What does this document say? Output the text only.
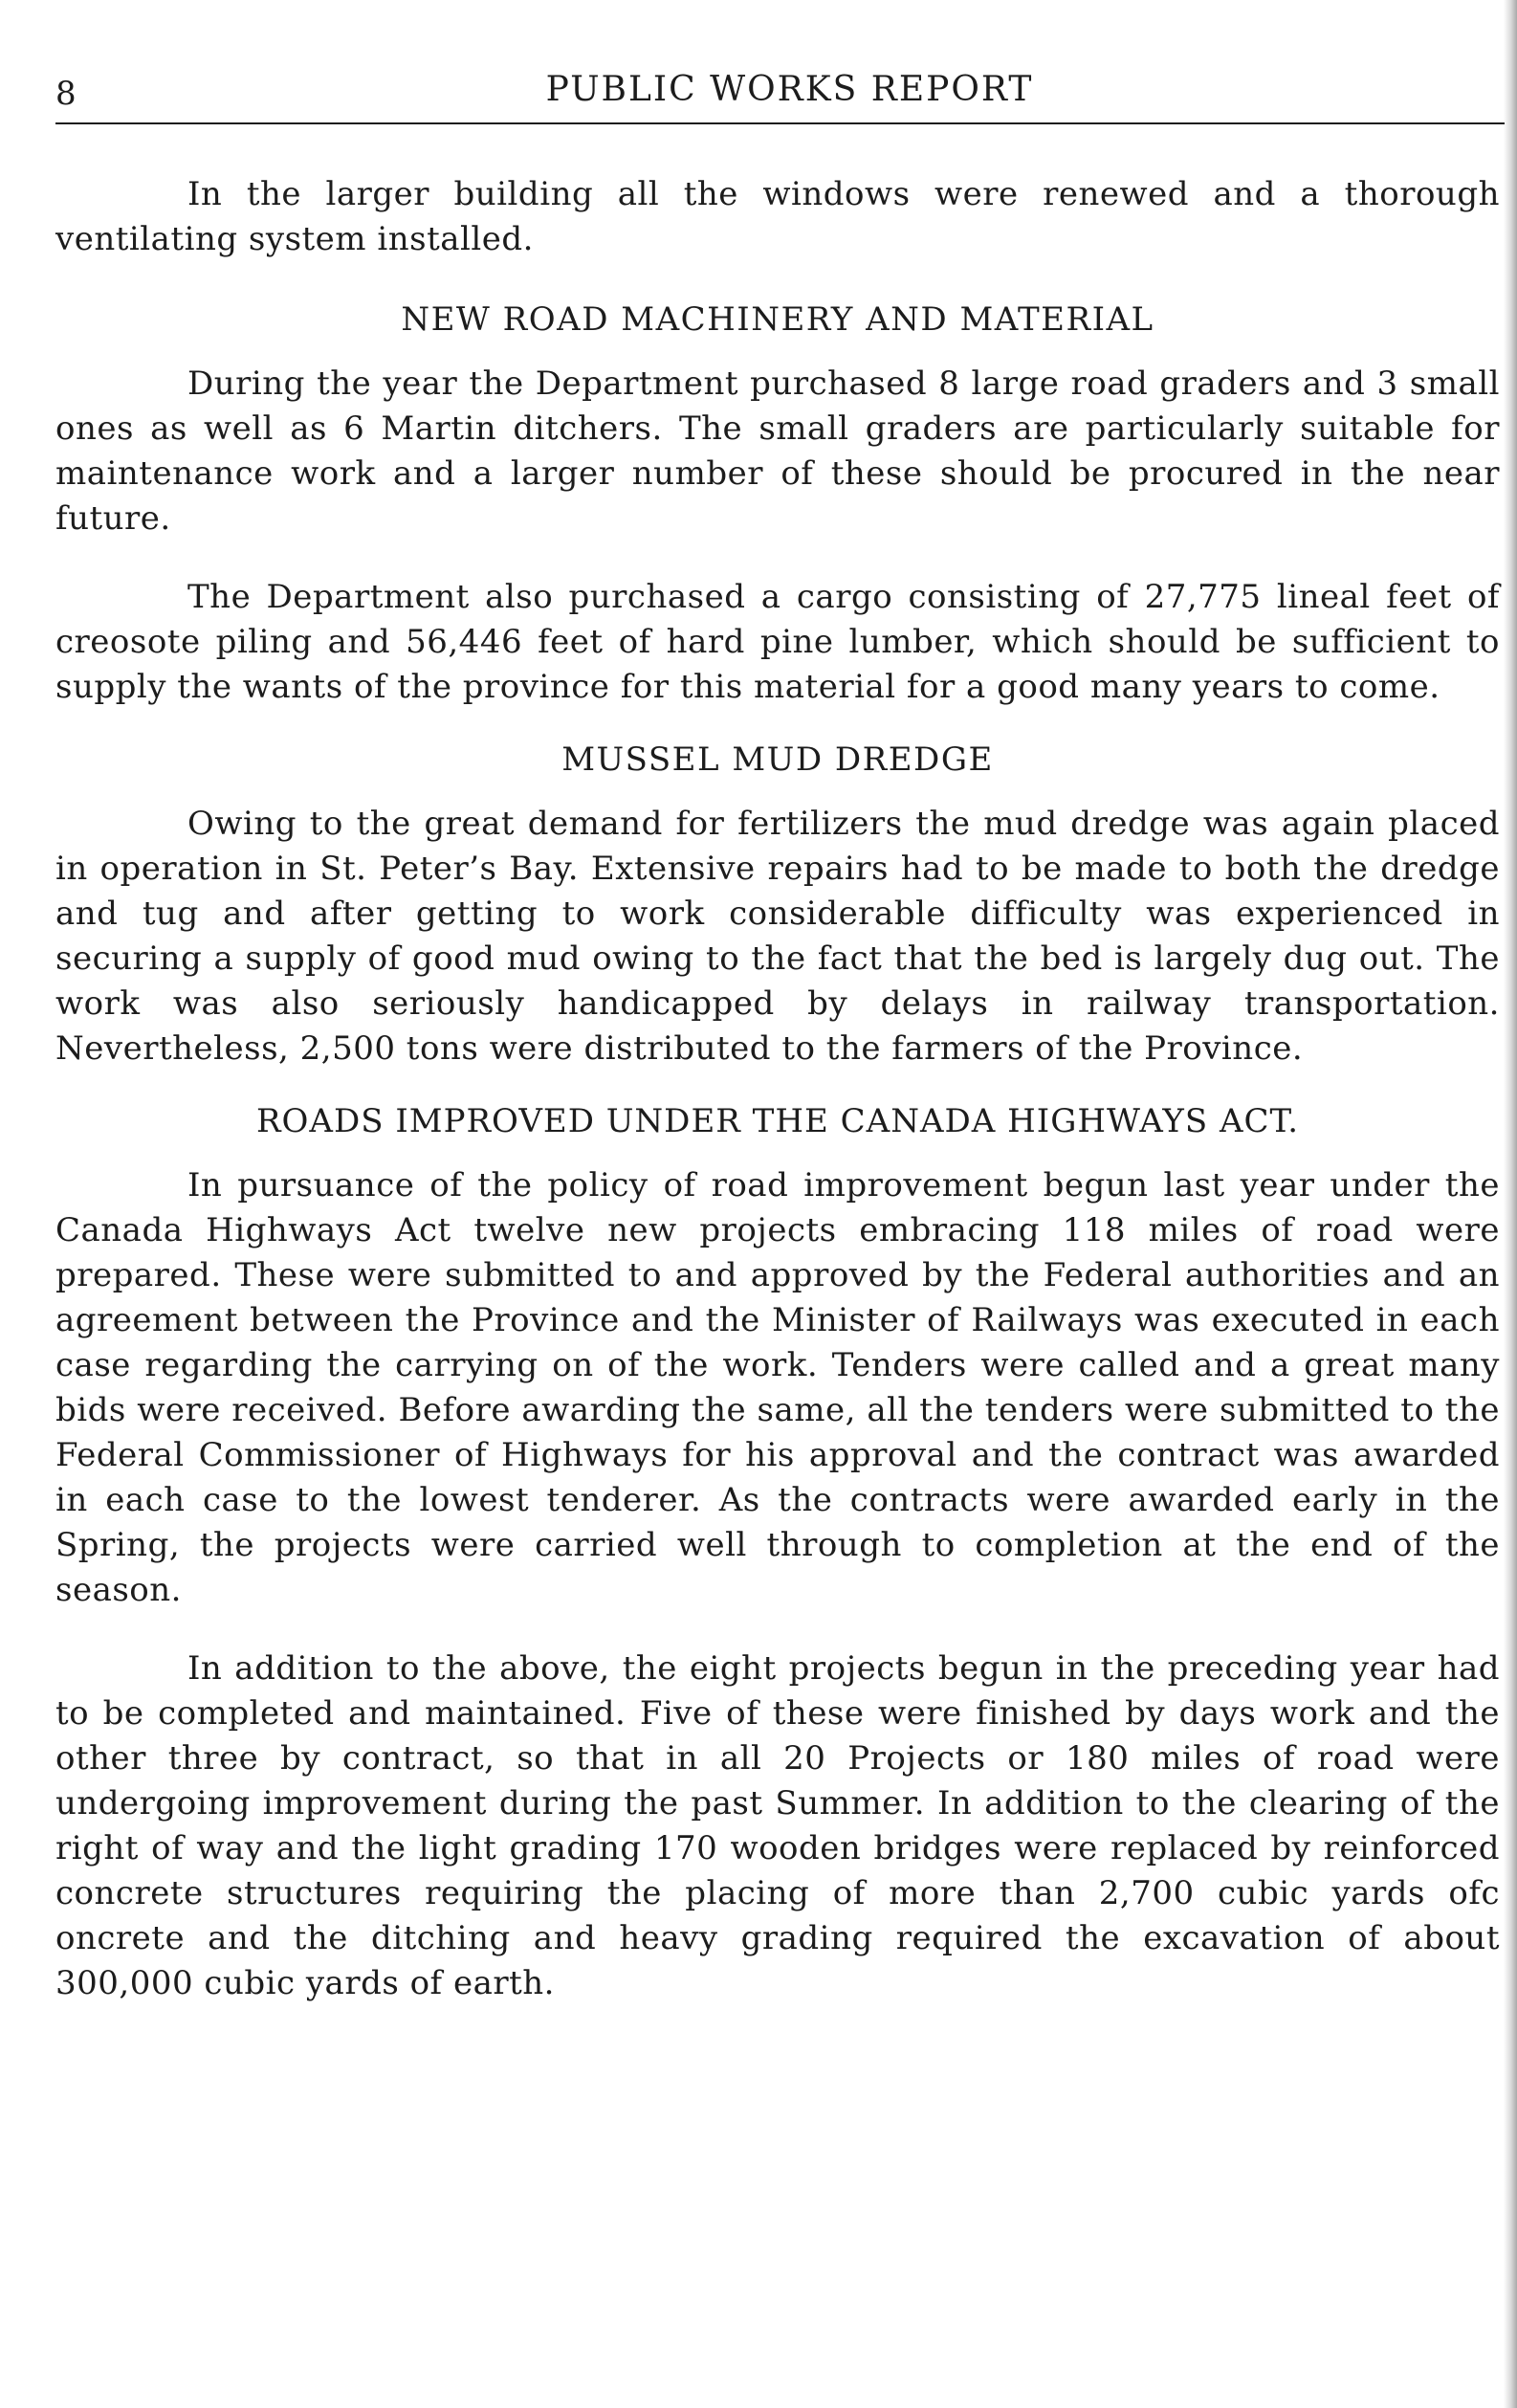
8	PUBLIC WORKS REPORT

In the larger building all the windows were renewed and a thorough ventilating system installed.

NEW ROAD MACHINERY AND MATERIAL

During the year the Department purchased 8 large road graders and 3 small ones as well as 6 Martin ditchers. The small graders are particularly suitable for maintenance work and a larger number of these should be procured in the near future.

The Department also purchased a cargo consisting of 27,775 lineal feet of creosote piling and 56,446 feet of hard pine lumber, which should be sufficient to supply the wants of the province for this material for a good many years to come.

MUSSEL MUD DREDGE

Owing to the great demand for fertilizers the mud dredge was again placed in operation in St. Peter’s Bay. Extensive repairs had to be made to both the dredge and tug and after getting to work considerable difficulty was experienced in securing a supply of good mud owing to the fact that the bed is largely dug out. The work was also seriously handicapped by delays in railway transportation. Nevertheless, 2,500 tons were distributed to the farmers of the Province.

ROADS IMPROVED UNDER THE CANADA HIGHWAYS ACT.

In pursuance of the policy of road improvement begun last year under the Canada Highways Act twelve new projects embracing 118 miles of road were prepared. These were submitted to and approved by the Federal authorities and an agreement between the Province and the Minister of Railways was executed in each case regarding the carrying on of the work. Tenders were called and a great many bids were received. Before awarding the same, all the tenders were submitted to the Federal Commissioner of Highways for his approval and the contract was awarded in each case to the lowest tenderer. As the contracts were awarded early in the Spring, the projects were carried well through to completion at the end of the season.

In addition to the above, the eight projects begun in the preceding year had to be completed and maintained. Five of these were finished by days work and the other three by contract, so that in all 20 Projects or 180 miles of road were undergoing improvement during the past Summer. In addition to the clearing of the right of way and the light grading 170 wooden bridges were replaced by reinforced concrete structures requiring the placing of more than 2,700 cubic yards ofc oncrete and the ditching and heavy grading required the excavation of about 300,000 cubic yards of earth.
